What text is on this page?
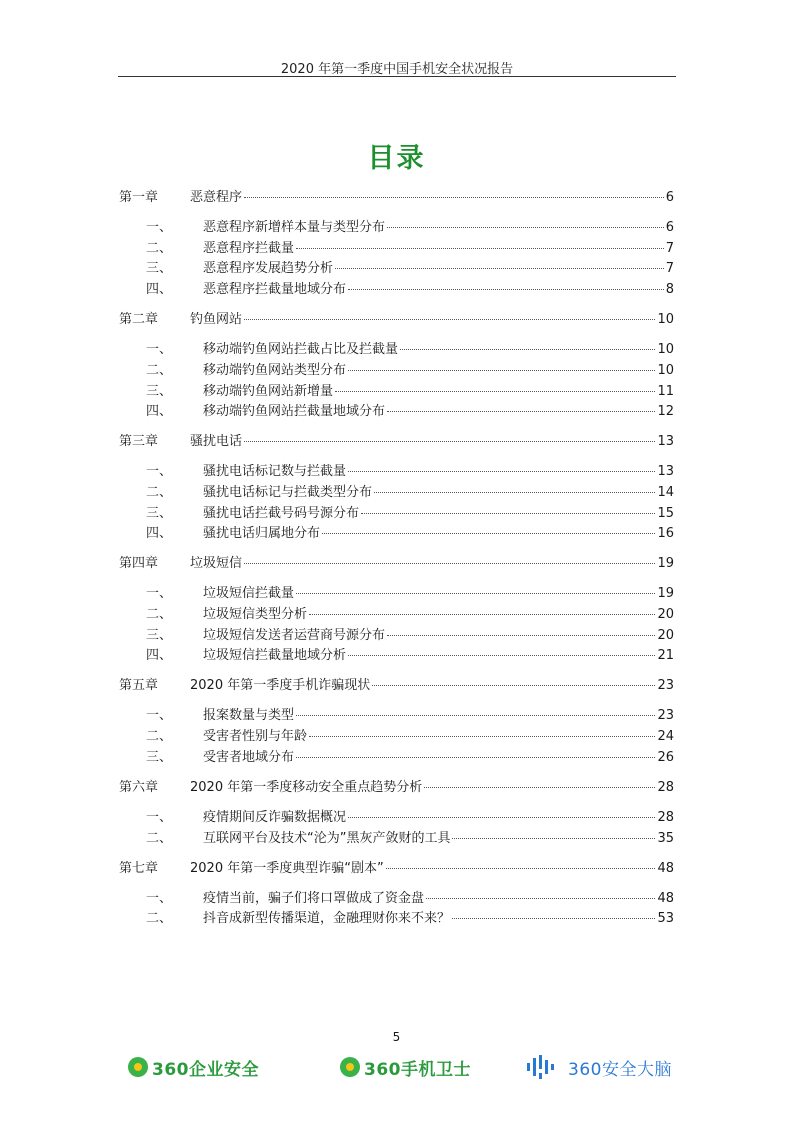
2020 年第一季度中国手机安全状况报告
目录
第一章	恶意程序	6
一、	恶意程序新增样本量与类型分布	6
二、	恶意程序拦截量	7
三、	恶意程序发展趋势分析	7
四、	恶意程序拦截量地域分布	8
第二章	钓鱼网站	10
一、	移动端钓鱼网站拦截占比及拦截量	10
二、	移动端钓鱼网站类型分布	10
三、	移动端钓鱼网站新增量	11
四、	移动端钓鱼网站拦截量地域分布	12
第三章	骚扰电话	13
一、	骚扰电话标记数与拦截量	13
二、	骚扰电话标记与拦截类型分布	14
三、	骚扰电话拦截号码号源分布	15
四、	骚扰电话归属地分布	16
第四章	垃圾短信	19
一、	垃圾短信拦截量	19
二、	垃圾短信类型分析	20
三、	垃圾短信发送者运营商号源分布	20
四、	垃圾短信拦截量地域分析	21
第五章	2020 年第一季度手机诈骗现状	23
一、	报案数量与类型	23
二、	受害者性别与年龄	24
三、	受害者地域分布	26
第六章	2020 年第一季度移动安全重点趋势分析	28
一、	疫情期间反诈骗数据概况	28
二、	互联网平台及技术“沦为”黑灰产敛财的工具	35
第七章	2020 年第一季度典型诈骗“剧本”	48
一、	疫情当前，骗子们将口罩做成了资金盘	48
二、	抖音成新型传播渠道，金融理财你来不来？	53
5
360企业安全	360手机卫士	360安全大脑
